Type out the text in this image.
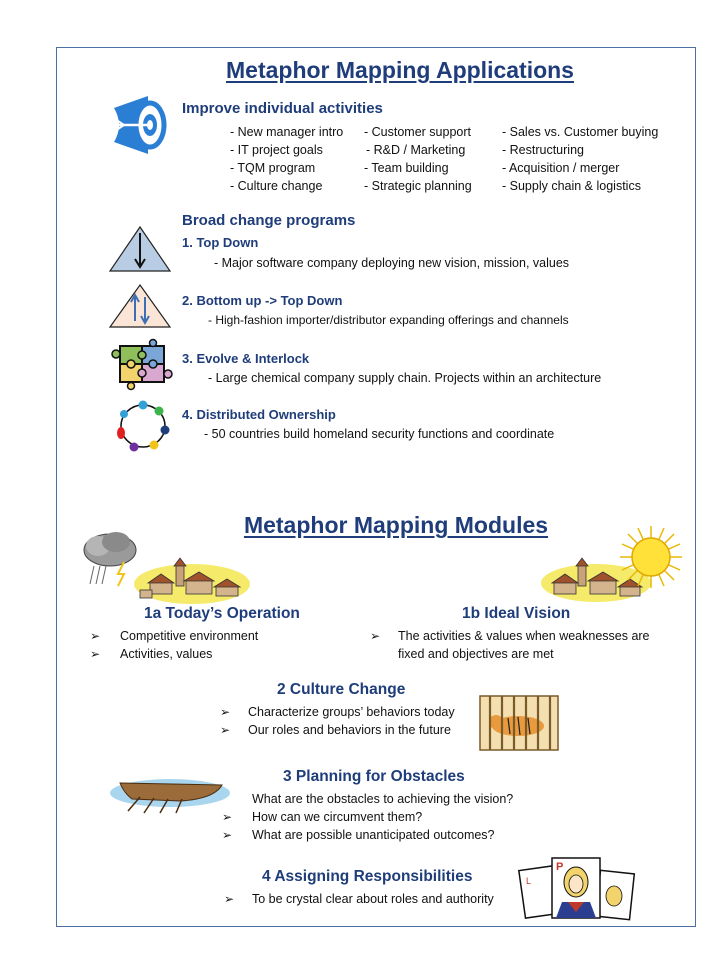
Metaphor Mapping Applications
Improve individual activities
- New manager intro
- IT project goals
- TQM program
- Culture change
- Customer support
- R&D / Marketing
- Team building
- Strategic planning
- Sales vs. Customer buying
- Restructuring
- Acquisition / merger
- Supply chain & logistics
Broad change programs
1. Top Down
- Major software company deploying new vision, mission, values
2. Bottom up -> Top Down
- High-fashion importer/distributor expanding offerings and channels
3. Evolve & Interlock
- Large chemical company supply chain. Projects within an architecture
4. Distributed Ownership
- 50 countries build homeland security functions and coordinate
Metaphor Mapping Modules
1a Today’s Operation
➢ Competitive environment
➢ Activities, values
1b Ideal Vision
➢ The activities & values when weaknesses are
fixed and objectives are met
2 Culture Change
➢ Characterize groups’ behaviors today
➢ Our roles and behaviors in the future
3 Planning for Obstacles
What are the obstacles to achieving the vision?
➢ How can we circumvent them?
➢ What are possible unanticipated outcomes?
4 Assigning Responsibilities
➢ To be crystal clear about roles and authority
P
L
